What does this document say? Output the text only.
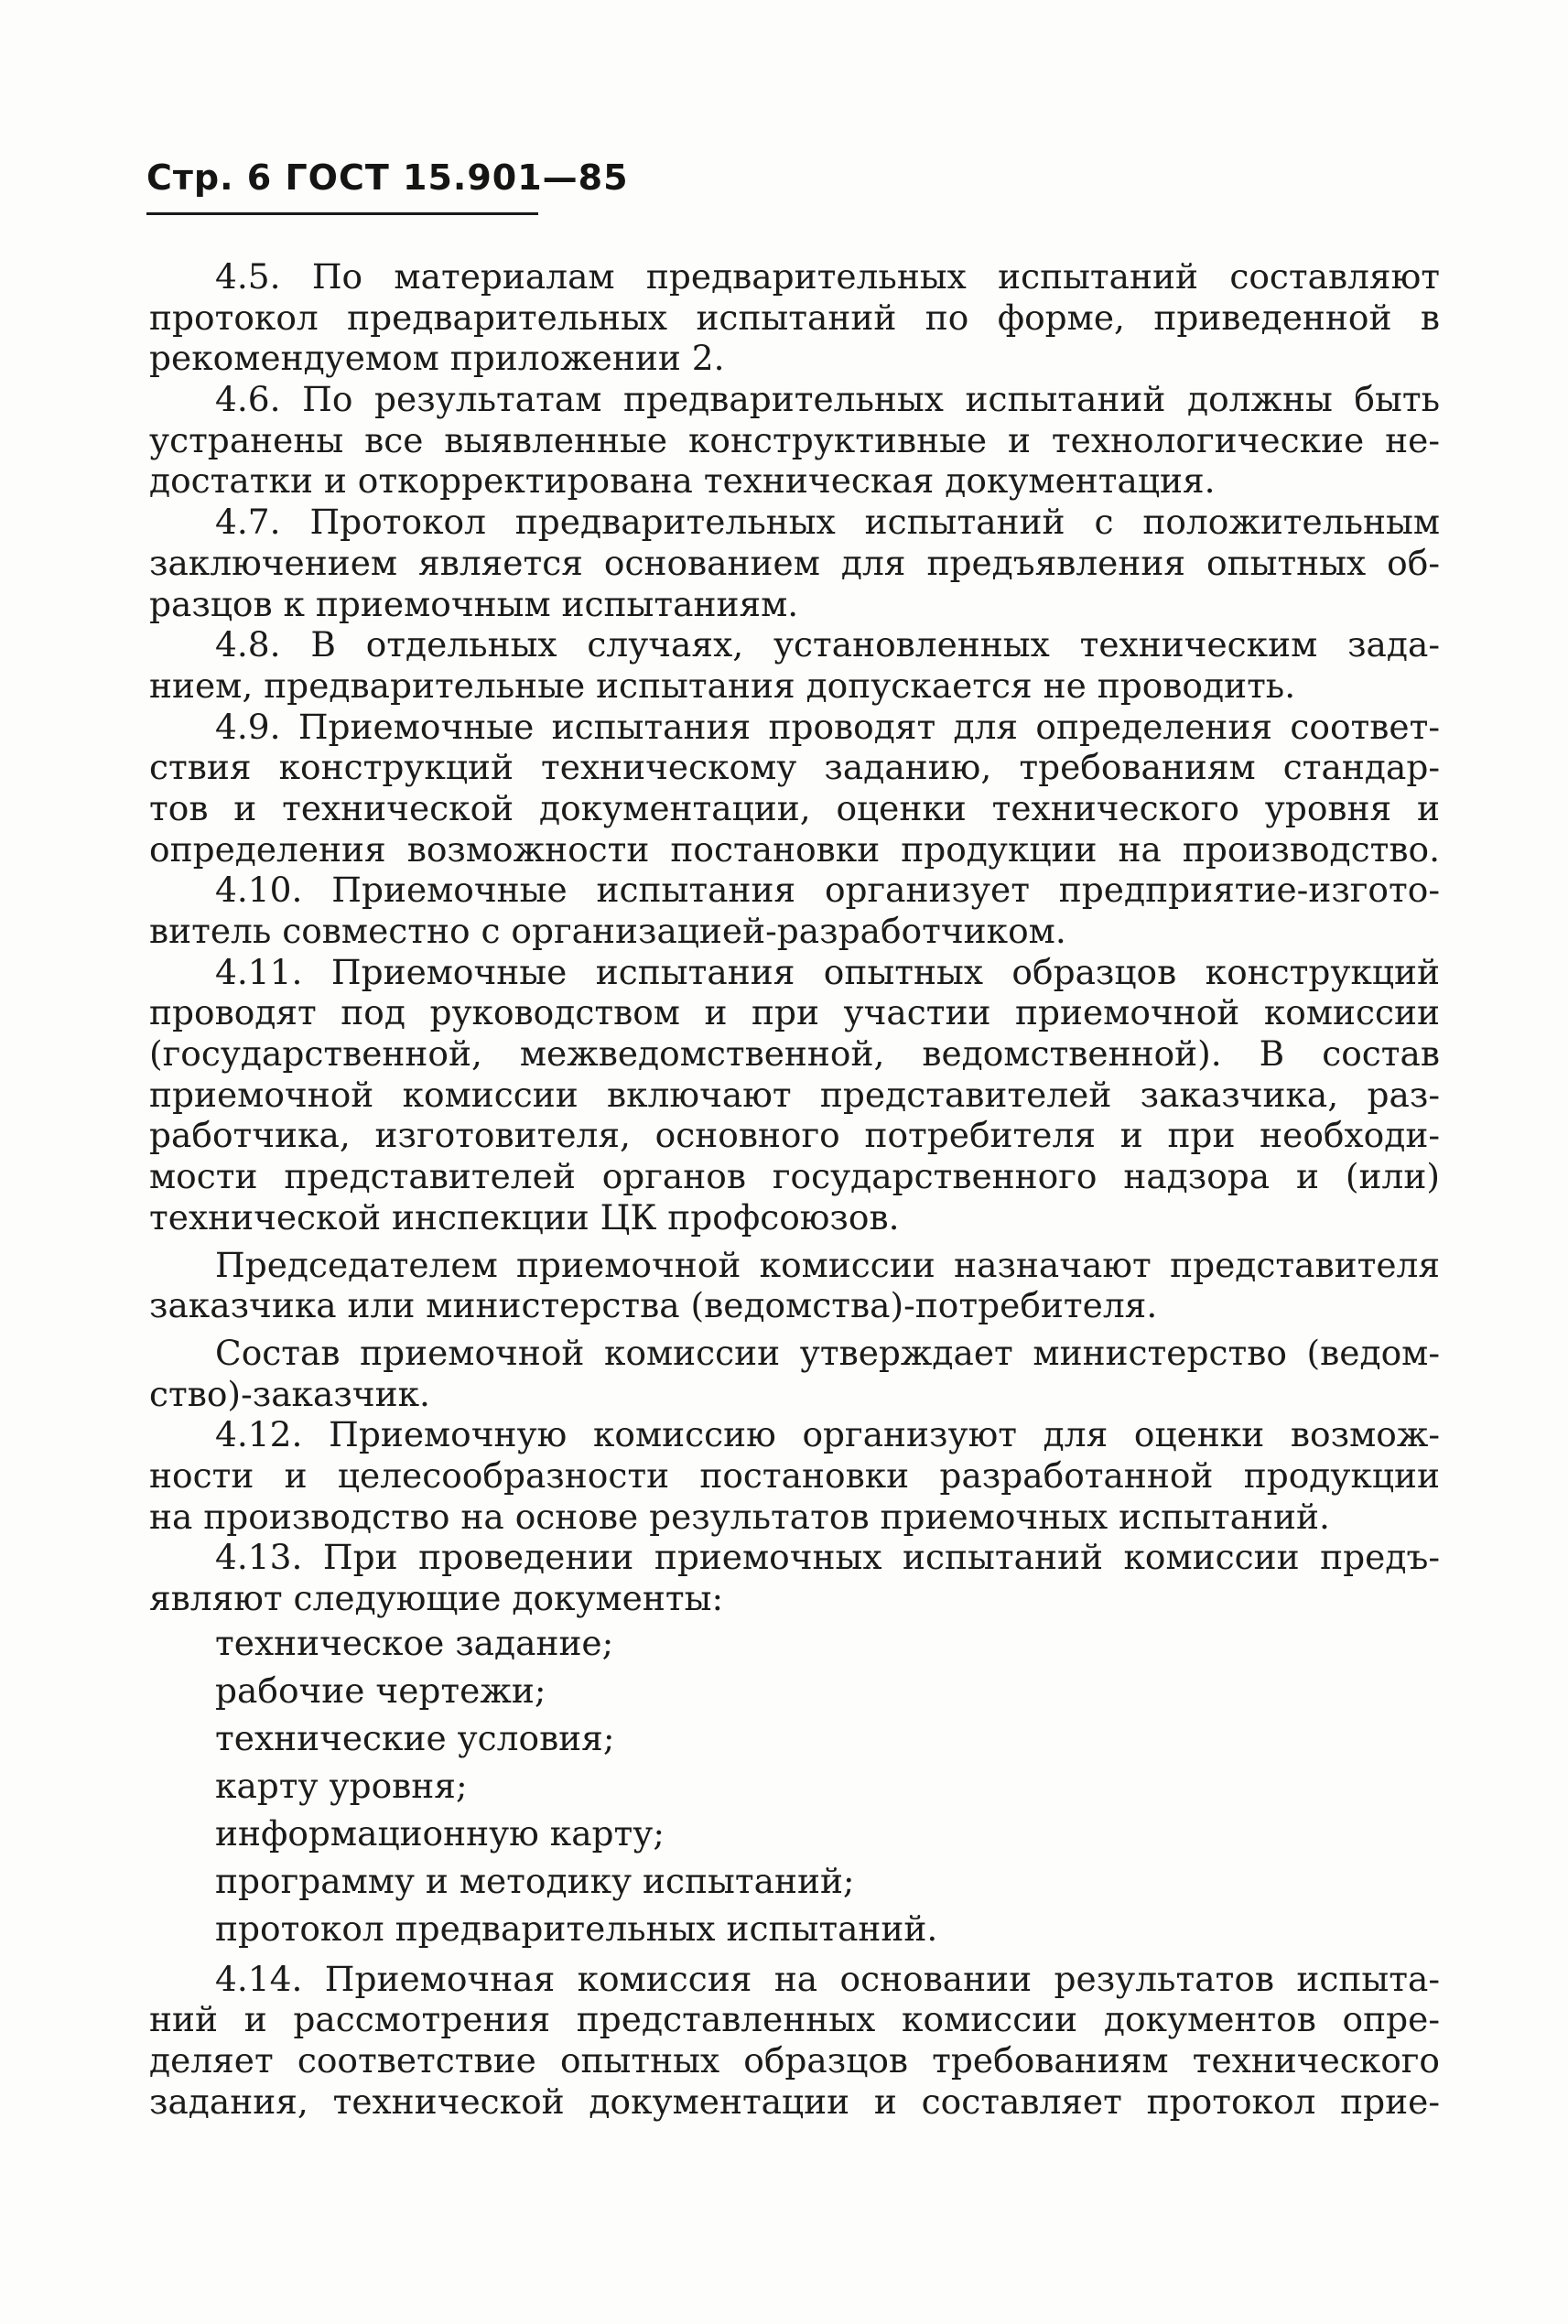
Стр. 6 ГОСТ 15.901—85
4.5. По материалам предварительных испытаний составляют
протокол предварительных испытаний по форме, приведенной в
рекомендуемом приложении 2.
4.6. По результатам предварительных испытаний должны быть
устранены все выявленные конструктивные и технологические не-
достатки и откорректирована техническая документация.
4.7. Протокол предварительных испытаний с положительным
заключением является основанием для предъявления опытных об-
разцов к приемочным испытаниям.
4.8. В отдельных случаях, установленных техническим зада-
нием, предварительные испытания допускается не проводить.
4.9. Приемочные испытания проводят для определения соответ-
ствия конструкций техническому заданию, требованиям стандар-
тов и технической документации, оценки технического уровня и
определения возможности постановки продукции на производство.
4.10. Приемочные испытания организует предприятие-изгото-
витель совместно с организацией-разработчиком.
4.11. Приемочные испытания опытных образцов конструкций
проводят под руководством и при участии приемочной комиссии
(государственной, межведомственной, ведомственной). В состав
приемочной комиссии включают представителей заказчика, раз-
работчика, изготовителя, основного потребителя и при необходи-
мости представителей органов государственного надзора и (или)
технической инспекции ЦК профсоюзов.
Председателем приемочной комиссии назначают представителя
заказчика или министерства (ведомства)-потребителя.
Состав приемочной комиссии утверждает министерство (ведом-
ство)-заказчик.
4.12. Приемочную комиссию организуют для оценки возмож-
ности и целесообразности постановки разработанной продукции
на производство на основе результатов приемочных испытаний.
4.13. При проведении приемочных испытаний комиссии предъ-
являют следующие документы:
техническое задание;
рабочие чертежи;
технические условия;
карту уровня;
информационную карту;
программу и методику испытаний;
протокол предварительных испытаний.
4.14. Приемочная комиссия на основании результатов испыта-
ний и рассмотрения представленных комиссии документов опре-
деляет соответствие опытных образцов требованиям технического
задания, технической документации и составляет протокол прие-
